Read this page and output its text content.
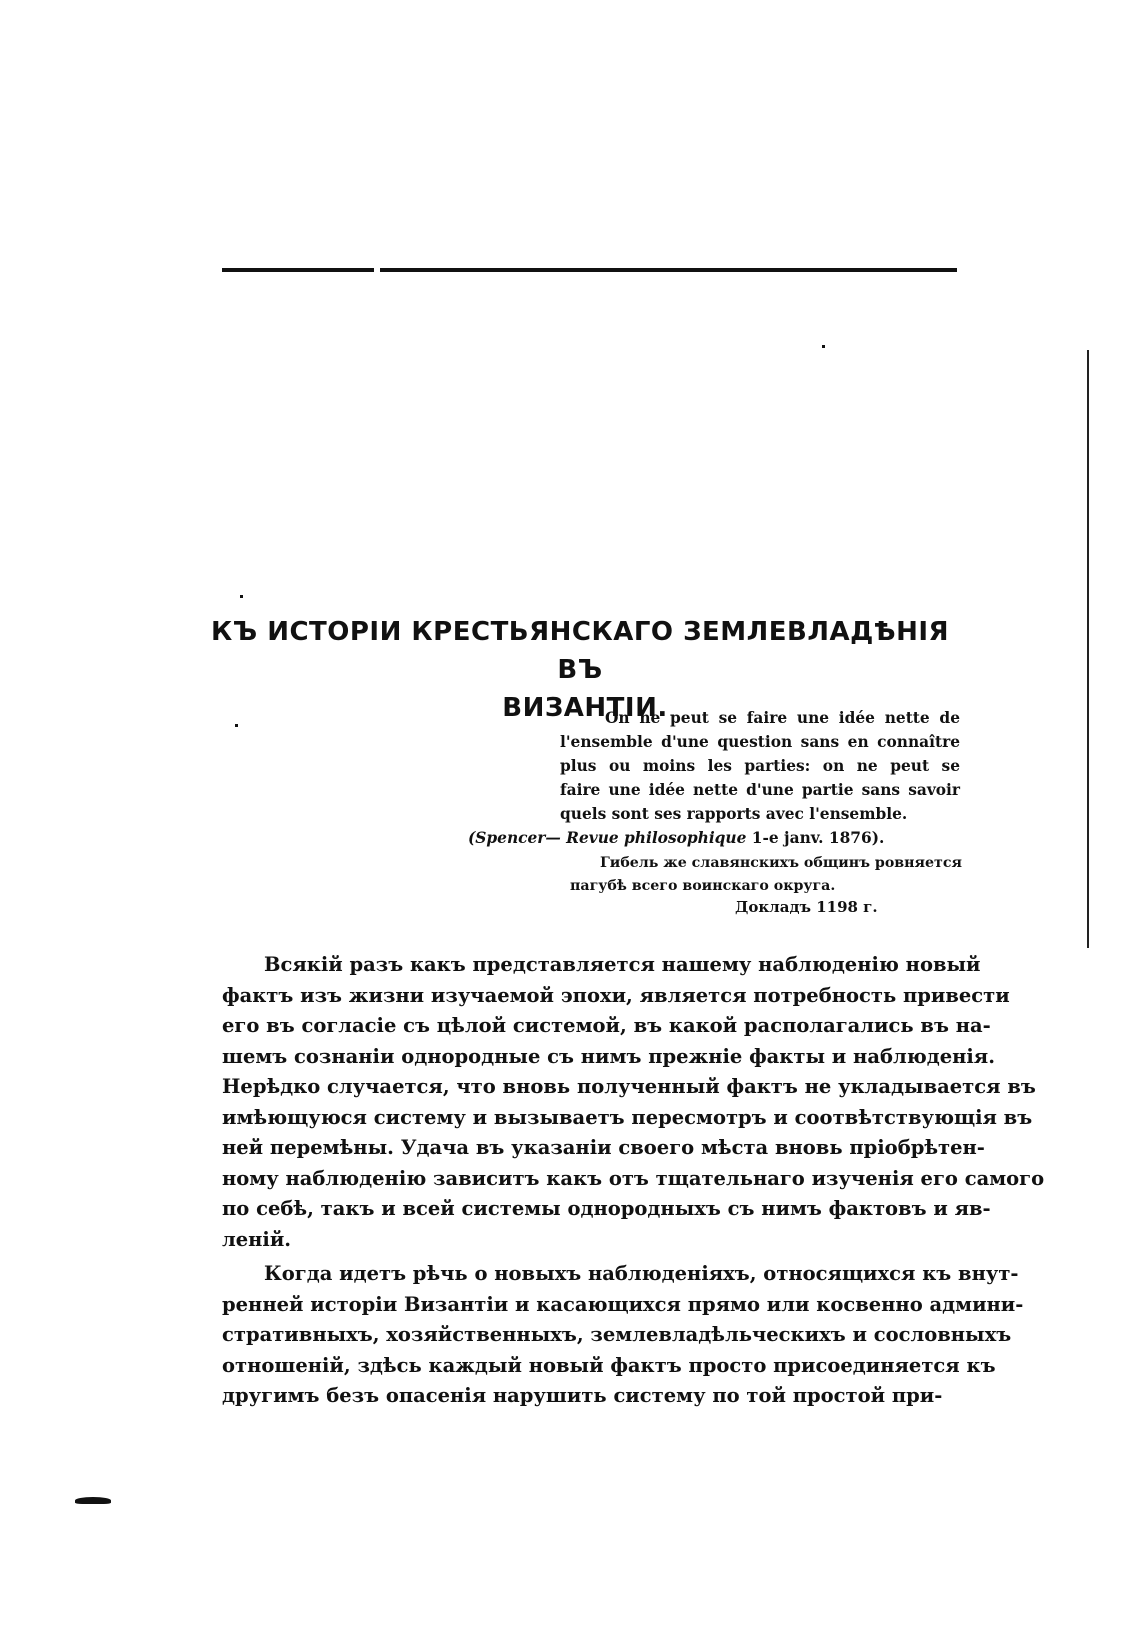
КЪ ИСТОРІИ КРЕСТЬЯНСКАГО ЗЕМЛЕВЛАДѢНІЯ ВЪ
ВИЗАНТІИ.
On ne peut se faire une idée nette de
l'ensemble d'une question sans en connaître
plus ou moins les parties: on ne peut se
faire une idée nette d'une partie sans savoir
quels sont ses rapports avec l'ensemble.
(Spencer— Revue philosophique 1-e janv. 1876).
Гибель же славянскихъ общинъ ровняется
пагубѣ всего воинскаго округа.
Докладъ 1198 г.

Всякій разъ какъ представляется нашему наблюденію новый
фактъ изъ жизни изучаемой эпохи, является потребность привести
его въ согласіе съ цѣлой системой, въ какой располагались въ на-
шемъ сознаніи однородные съ нимъ прежніе факты и наблюденія.
Нерѣдко случается, что вновь полученный фактъ не укладывается въ
имѣющуюся систему и вызываетъ пересмотръ и соотвѣтствующія въ
ней перемѣны. Удача въ указаніи своего мѣста вновь пріобрѣтен-
ному наблюденію зависитъ какъ отъ тщательнаго изученія его самого
по себѣ, такъ и всей системы однородныхъ съ нимъ фактовъ и яв-
леній.

Когда идетъ рѣчь о новыхъ наблюденіяхъ, относящихся къ внут-
ренней исторіи Византіи и касающихся прямо или косвенно админи-
стративныхъ, хозяйственныхъ, землевладѣльческихъ и сословныхъ
отношеній, здѣсь каждый новый фактъ просто присоединяется къ
другимъ безъ опасенія нарушить систему по той простой при-
